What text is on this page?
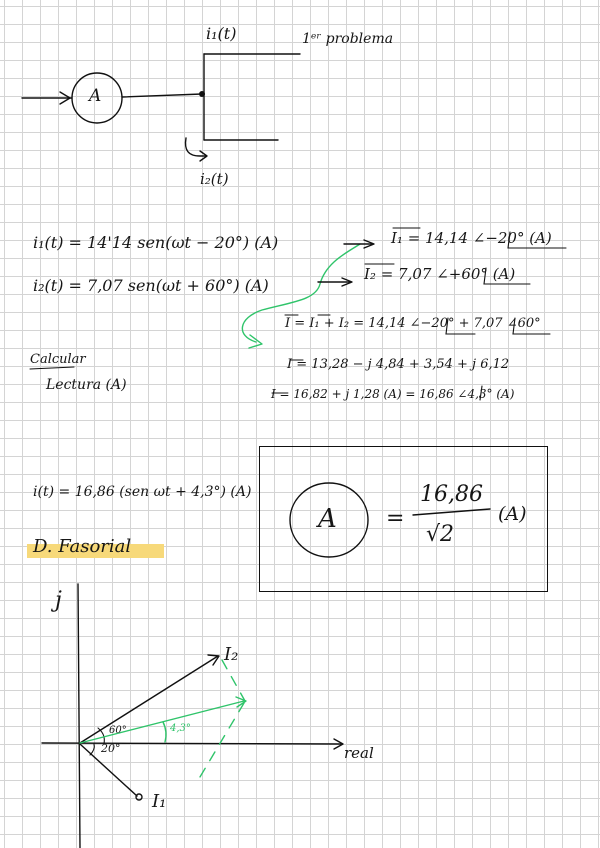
A
i₁(t)	1ᵉʳ problema
i₂(t)
i₁(t) = 14'14 sen(ωt − 20°) (A)
i₂(t) = 7,07 sen(ωt + 60°) (A)
I₁ = 14,14 ∠−20° (A)
I₂ = 7,07 ∠+60° (A)
I = I₁ + I₂ = 14,14 ∠−20° + 7,07 ∠60°
I = 13,28 − j 4,84 + 3,54 + j 6,12
I = 16,82 + j 1,28 (A) = 16,86 ∠4,3° (A)
Calcular
Lectura (A)
i(t) = 16,86 (sen ωt + 4,3°) (A)
A =
16,86
√2
(A)
D. Fasorial
j
real
I₂
I₁
60°
20°
4,3°
